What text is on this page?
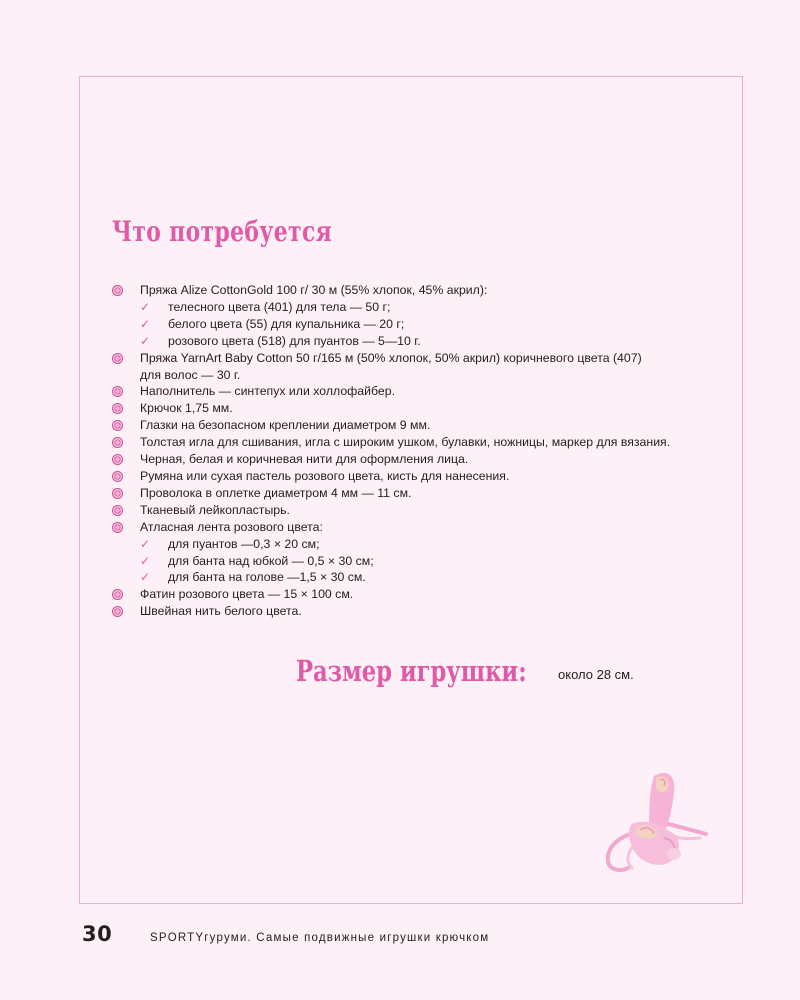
Что потребуется
Пряжа Alize CottonGold 100 г/ 30 м (55% хлопок, 45% акрил):
✓ телесного цвета (401) для тела — 50 г;
✓ белого цвета (55) для купальника — 20 г;
✓ розового цвета (518) для пуантов — 5—10 г.
Пряжа YarnArt Baby Cotton 50 г/165 м (50% хлопок, 50% акрил) коричневого цвета (407)
для волос — 30 г.
Наполнитель — синтепух или холлофайбер.
Крючок 1,75 мм.
Глазки на безопасном креплении диаметром 9 мм.
Толстая игла для сшивания, игла с широким ушком, булавки, ножницы, маркер для вязания.
Черная, белая и коричневая нити для оформления лица.
Румяна или сухая пастель розового цвета, кисть для нанесения.
Проволока в оплетке диаметром 4 мм — 11 см.
Тканевый лейкопластырь.
Атласная лента розового цвета:
✓ для пуантов —0,3 × 20 см;
✓ для банта над юбкой — 0,5 × 30 см;
✓ для банта на голове —1,5 × 30 см.
Фатин розового цвета — 15 × 100 см.
Швейная нить белого цвета.
Размер игрушки: около 28 см.
30	SPORTYгуруми. Самые подвижные игрушки крючком
